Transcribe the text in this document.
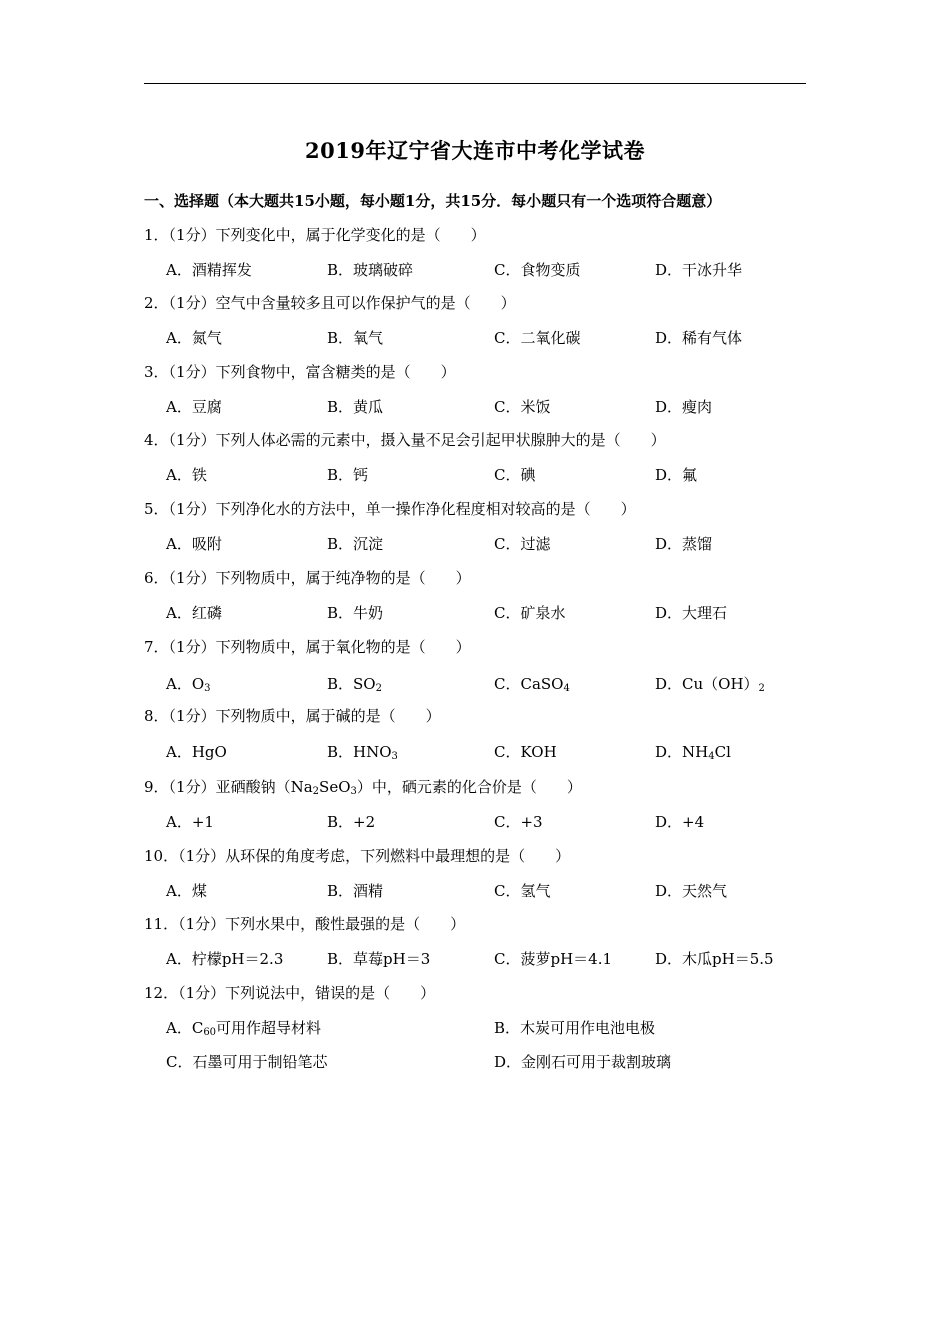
2019年辽宁省大连市中考化学试卷
一、选择题（本大题共15小题，每小题1分，共15分．每小题只有一个选项符合题意）
1．（1分）下列变化中，属于化学变化的是（　　）
A．酒精挥发	B．玻璃破碎	C．食物变质	D．干冰升华
2．（1分）空气中含量较多且可以作保护气的是（　　）
A．氮气	B．氧气	C．二氧化碳	D．稀有气体
3．（1分）下列食物中，富含糖类的是（　　）
A．豆腐	B．黄瓜	C．米饭	D．瘦肉
4．（1分）下列人体必需的元素中，摄入量不足会引起甲状腺肿大的是（　　）
A．铁	B．钙	C．碘	D．氟
5．（1分）下列净化水的方法中，单一操作净化程度相对较高的是（　　）
A．吸附	B．沉淀	C．过滤	D．蒸馏
6．（1分）下列物质中，属于纯净物的是（　　）
A．红磷	B．牛奶	C．矿泉水	D．大理石
7．（1分）下列物质中，属于氧化物的是（　　）
A．$O_3$	B．$SO_2$	C．CaSO$_4$	D．$Cu(OH)_2$
8．（1分）下列物质中，属于碱的是（　　）
A．HgO	B．$HNO_3$	C．KOH	D．$NH_4Cl$
9．（1分）亚硒酸钠$(Na_2SeO_3)$中，硒元素的化合价是（　　）
A．+1	B．+2	C．+3	D．+4
10．（1分）从环保的角度考虑，下列燃料中最理想的是（　　）
A．煤	B．酒精	C．氢气	D．天然气
11．（1分）下列水果中，酸性最强的是（　　）
A．柠檬pH＝2.3	B．草莓pH＝3	C．菠萝pH＝4.1	D．木瓜pH＝5.5
12．（1分）下列说法中，错误的是（　　）
A．$C_{60}$可用作超导材料	B．木炭可用作电池电极
C．石墨可用于制铅笔芯	D．金刚石可用于裁割玻璃
